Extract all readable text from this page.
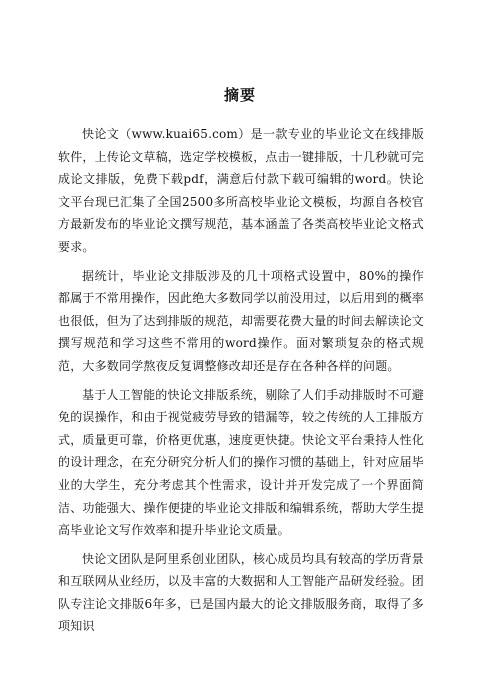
摘要

快论文（www.kuai65.com）是一款专业的毕业论文在线排版软件，上传论文草稿，选定学校模板，点击一键排版，十几秒就可完成论文排版，免费下载pdf，满意后付款下载可编辑的word。快论文平台现已汇集了全国2500多所高校毕业论文模板，均源自各校官方最新发布的毕业论文撰写规范，基本涵盖了各类高校毕业论文格式要求。

据统计，毕业论文排版涉及的几十项格式设置中，80%的操作都属于不常用操作，因此绝大多数同学以前没用过，以后用到的概率也很低，但为了达到排版的规范，却需要花费大量的时间去解读论文撰写规范和学习这些不常用的word操作。面对繁琐复杂的格式规范，大多数同学熬夜反复调整修改却还是存在各种各样的问题。

基于人工智能的快论文排版系统，剔除了人们手动排版时不可避免的误操作，和由于视觉疲劳导致的错漏等，较之传统的人工排版方式，质量更可靠，价格更优惠，速度更快捷。快论文平台秉持人性化的设计理念，在充分研究分析人们的操作习惯的基础上，针对应届毕业的大学生，充分考虑其个性需求，设计并开发完成了一个界面简洁、功能强大、操作便捷的毕业论文排版和编辑系统，帮助大学生提高毕业论文写作效率和提升毕业论文质量。

快论文团队是阿里系创业团队，核心成员均具有较高的学历背景和互联网从业经历，以及丰富的大数据和人工智能产品研发经验。团队专注论文排版6年多，已是国内最大的论文排版服务商，取得了多项知识
